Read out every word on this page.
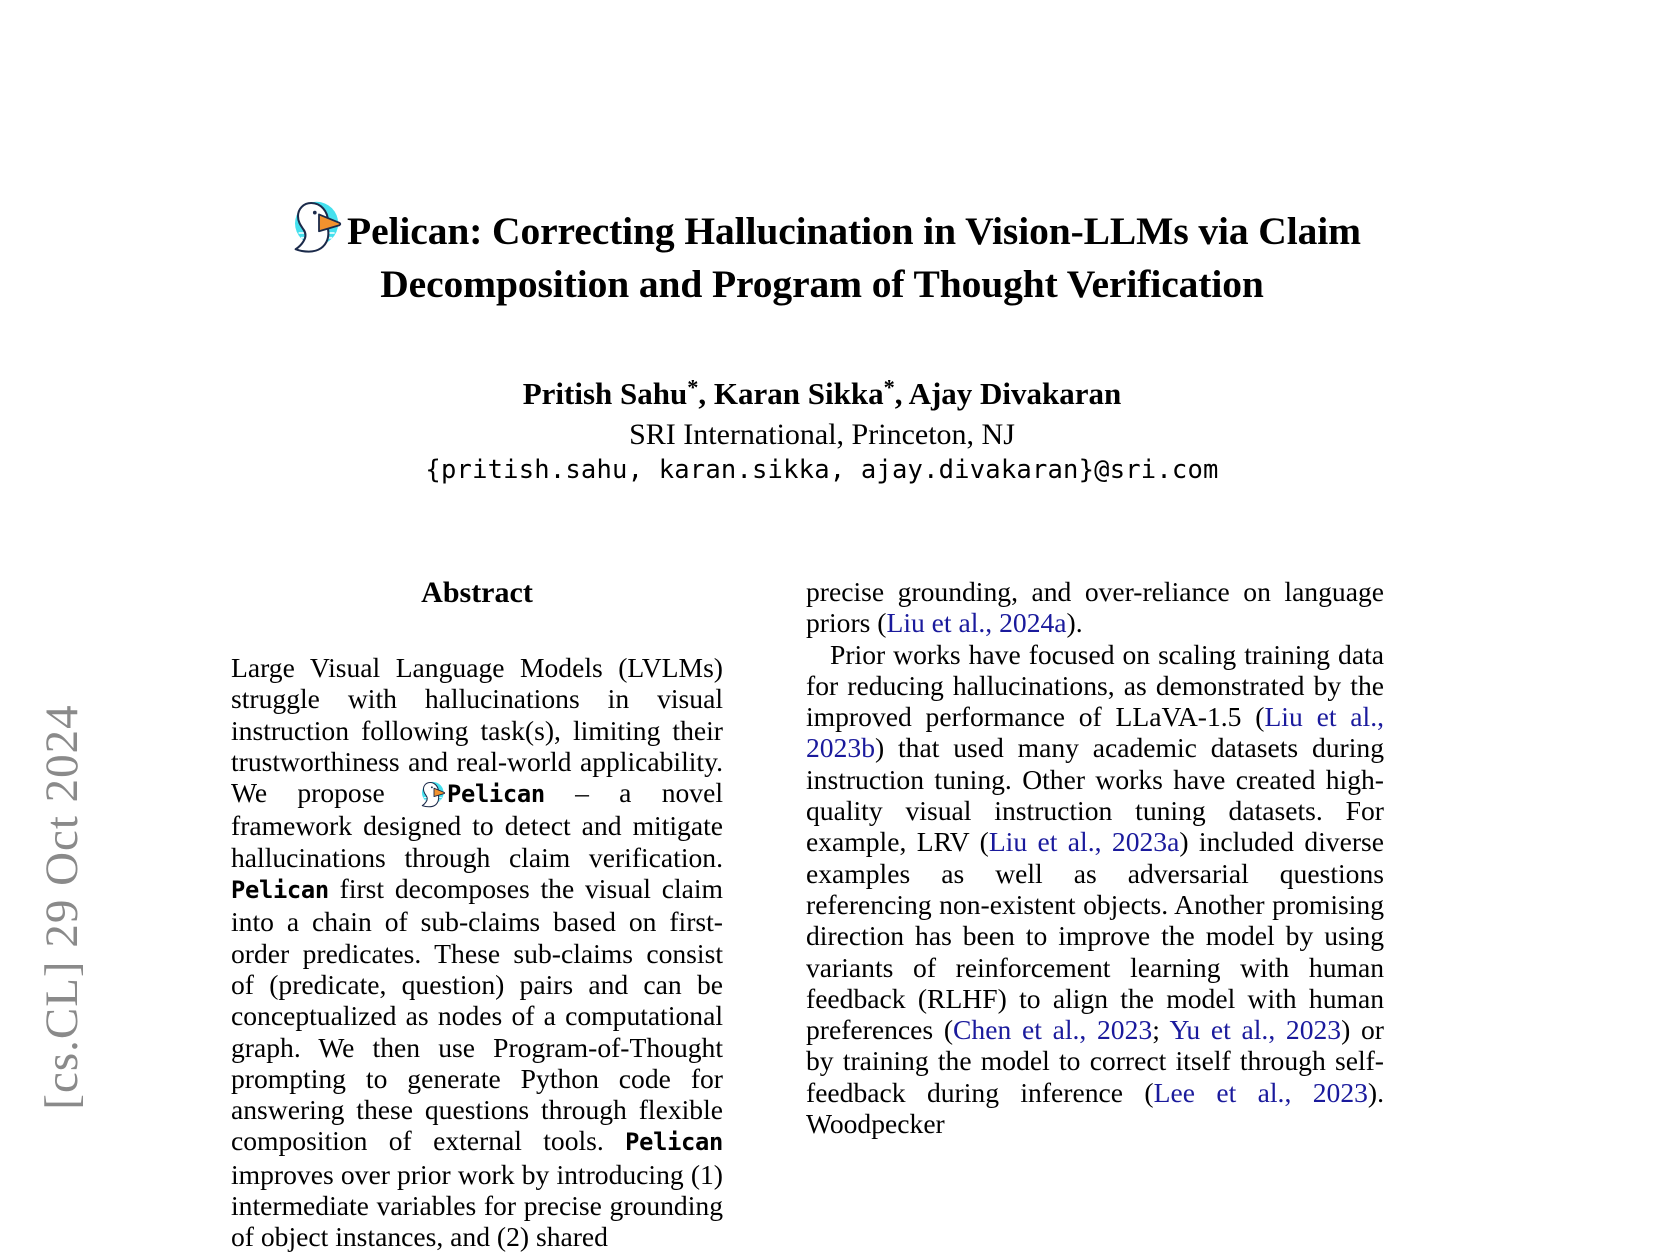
[cs.CL] 29 Oct 2024
Pelican: Correcting Hallucination in Vision-LLMs via Claim
Decomposition and Program of Thought Verification
Pritish Sahu*, Karan Sikka*, Ajay Divakaran
SRI International, Princeton, NJ
{pritish.sahu, karan.sikka, ajay.divakaran}@sri.com
Abstract

Large Visual Language Models (LVLMs) struggle with hallucinations in visual instruction following task(s), limiting their trustworthiness and real-world applicability. We propose Pelican – a novel framework designed to detect and mitigate hallucinations through claim verification. Pelican first decomposes the visual claim into a chain of sub-claims based on first-order predicates. These sub-claims consist of (predicate, question) pairs and can be conceptualized as nodes of a computational graph. We then use Program-of-Thought prompting to generate Python code for answering these questions through flexible composition of external tools. Pelican improves over prior work by introducing (1) intermediate variables for precise grounding of object instances, and (2) shared

precise grounding, and over-reliance on language priors (Liu et al., 2024a).

Prior works have focused on scaling training data for reducing hallucinations, as demonstrated by the improved performance of LLaVA-1.5 (Liu et al., 2023b) that used many academic datasets during instruction tuning. Other works have created high-quality visual instruction tuning datasets. For example, LRV (Liu et al., 2023a) included diverse examples as well as adversarial questions referencing non-existent objects. Another promising direction has been to improve the model by using variants of reinforcement learning with human feedback (RLHF) to align the model with human preferences (Chen et al., 2023; Yu et al., 2023) or by training the model to correct itself through self-feedback during inference (Lee et al., 2023). Woodpecker
